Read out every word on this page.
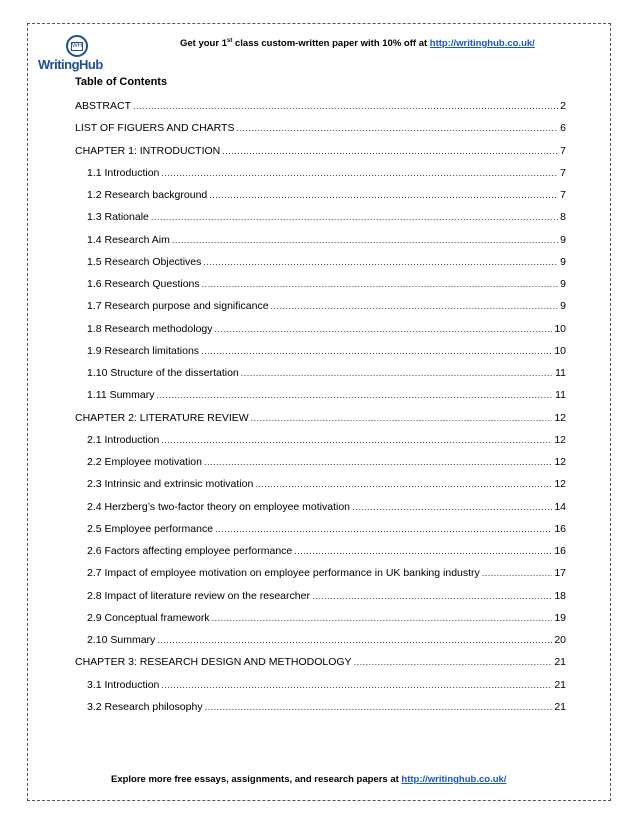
WH
WritingHub
Get your 1st class custom-written paper with 10% off at http://writinghub.co.uk/
Table of Contents
ABSTRACT .....	2
LIST OF FIGUERS AND CHARTS .....	6
CHAPTER 1: INTRODUCTION .....	7
1.1 Introduction .....	7
1.2 Research background .....	7
1.3 Rationale .....	8
1.4 Research Aim .....	9
1.5 Research Objectives .....	9
1.6 Research Questions .....	9
1.7 Research purpose and significance .....	9
1.8 Research methodology .....	10
1.9 Research limitations .....	10
1.10 Structure of the dissertation .....	11
1.11 Summary .....	11
CHAPTER 2: LITERATURE REVIEW .....	12
2.1 Introduction .....	12
2.2 Employee motivation .....	12
2.3 Intrinsic and extrinsic motivation .....	12
2.4 Herzberg’s two-factor theory on employee motivation .....	14
2.5 Employee performance .....	16
2.6 Factors affecting employee performance .....	16
2.7 Impact of employee motivation on employee performance in UK banking industry .....	17
2.8 Impact of literature review on the researcher .....	18
2.9 Conceptual framework .....	19
2.10 Summary .....	20
CHAPTER 3: RESEARCH DESIGN AND METHODOLOGY .....	21
3.1 Introduction .....	21
3.2 Research philosophy .....	21
Explore more free essays, assignments, and research papers at http://writinghub.co.uk/
